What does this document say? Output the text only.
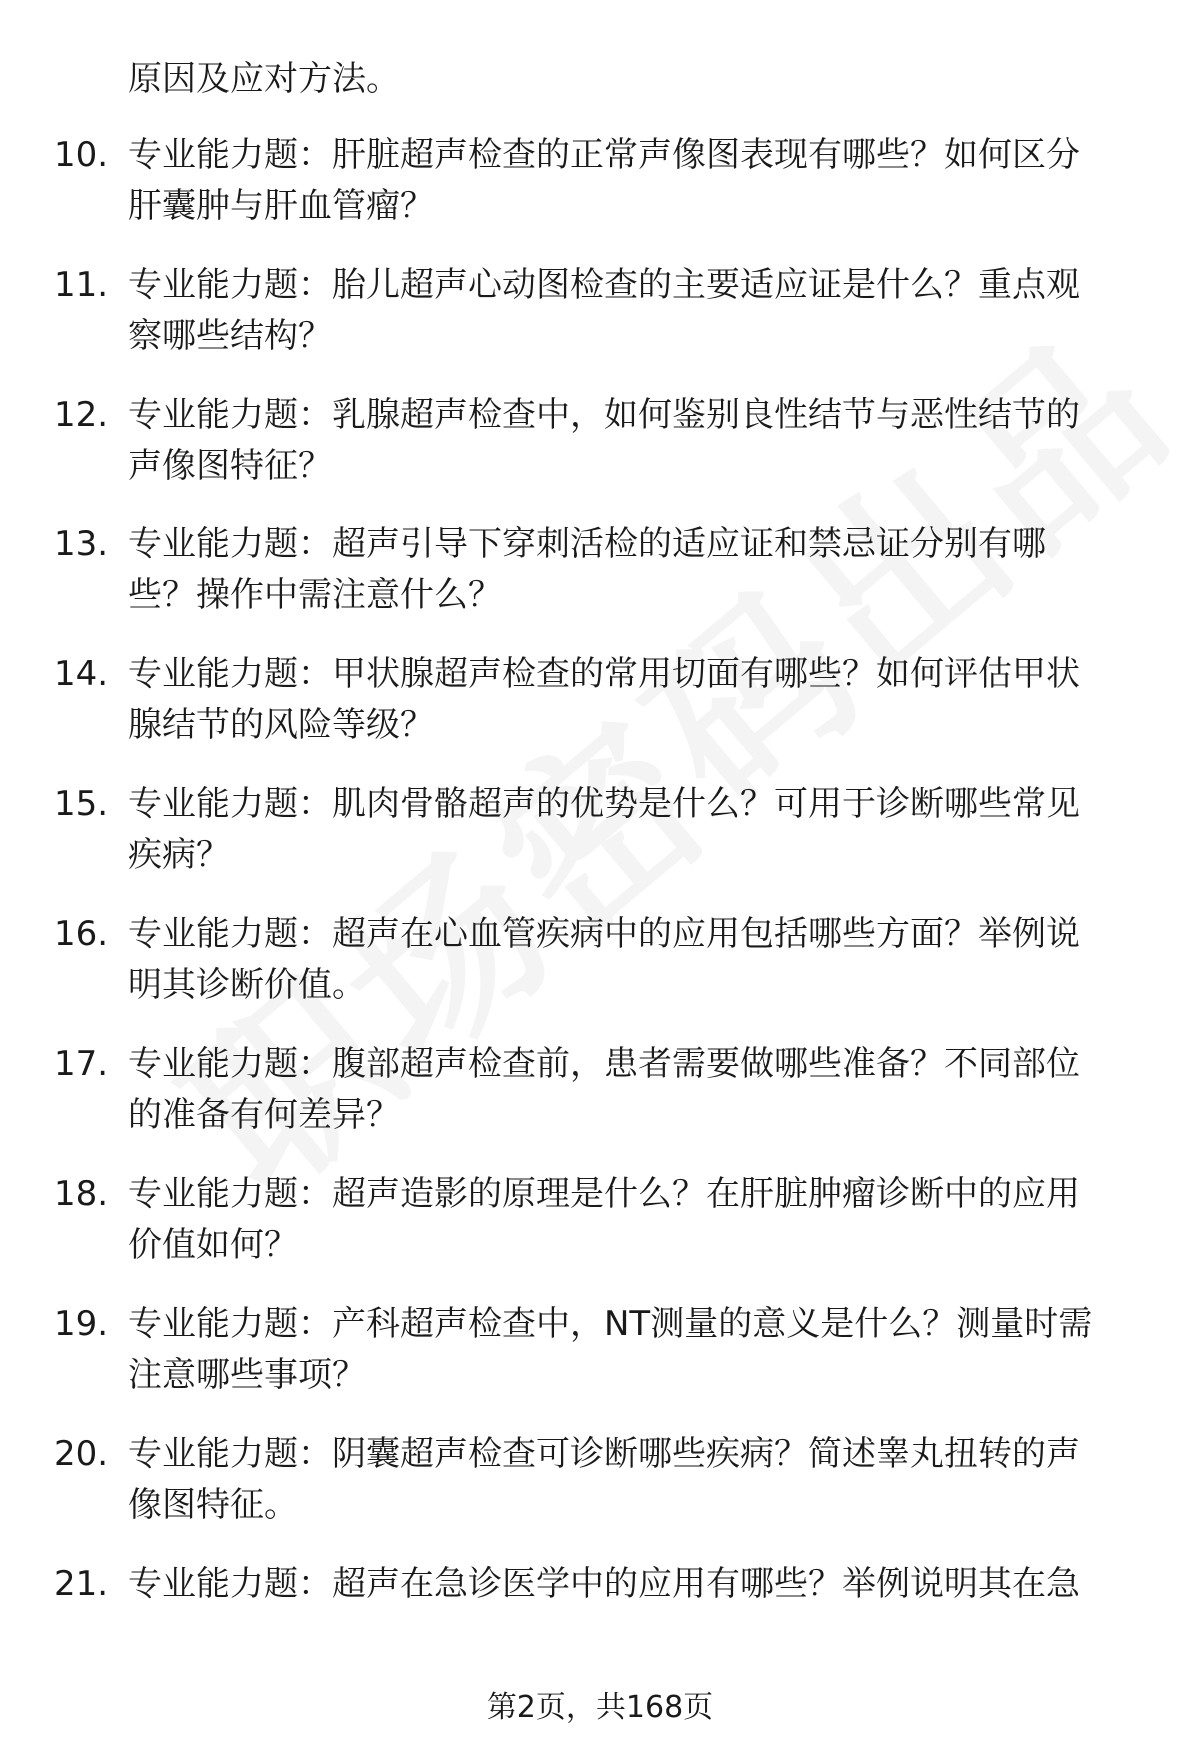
原因及应对方法。

10. 专业能力题：肝脏超声检查的正常声像图表现有哪些？如何区分
肝囊肿与肝血管瘤？
11. 专业能力题：胎儿超声心动图检查的主要适应证是什么？重点观
察哪些结构？
12. 专业能力题：乳腺超声检查中，如何鉴别良性结节与恶性结节的
声像图特征？
13. 专业能力题：超声引导下穿刺活检的适应证和禁忌证分别有哪
些？操作中需注意什么？
14. 专业能力题：甲状腺超声检查的常用切面有哪些？如何评估甲状
腺结节的风险等级？
15. 专业能力题：肌肉骨骼超声的优势是什么？可用于诊断哪些常见
疾病？
16. 专业能力题：超声在心血管疾病中的应用包括哪些方面？举例说
明其诊断价值。
17. 专业能力题：腹部超声检查前，患者需要做哪些准备？不同部位
的准备有何差异？
18. 专业能力题：超声造影的原理是什么？在肝脏肿瘤诊断中的应用
价值如何？
19. 专业能力题：产科超声检查中，NT测量的意义是什么？测量时需
注意哪些事项？
20. 专业能力题：阴囊超声检查可诊断哪些疾病？简述睾丸扭转的声
像图特征。
21. 专业能力题：超声在急诊医学中的应用有哪些？举例说明其在急
第2页，共168页
